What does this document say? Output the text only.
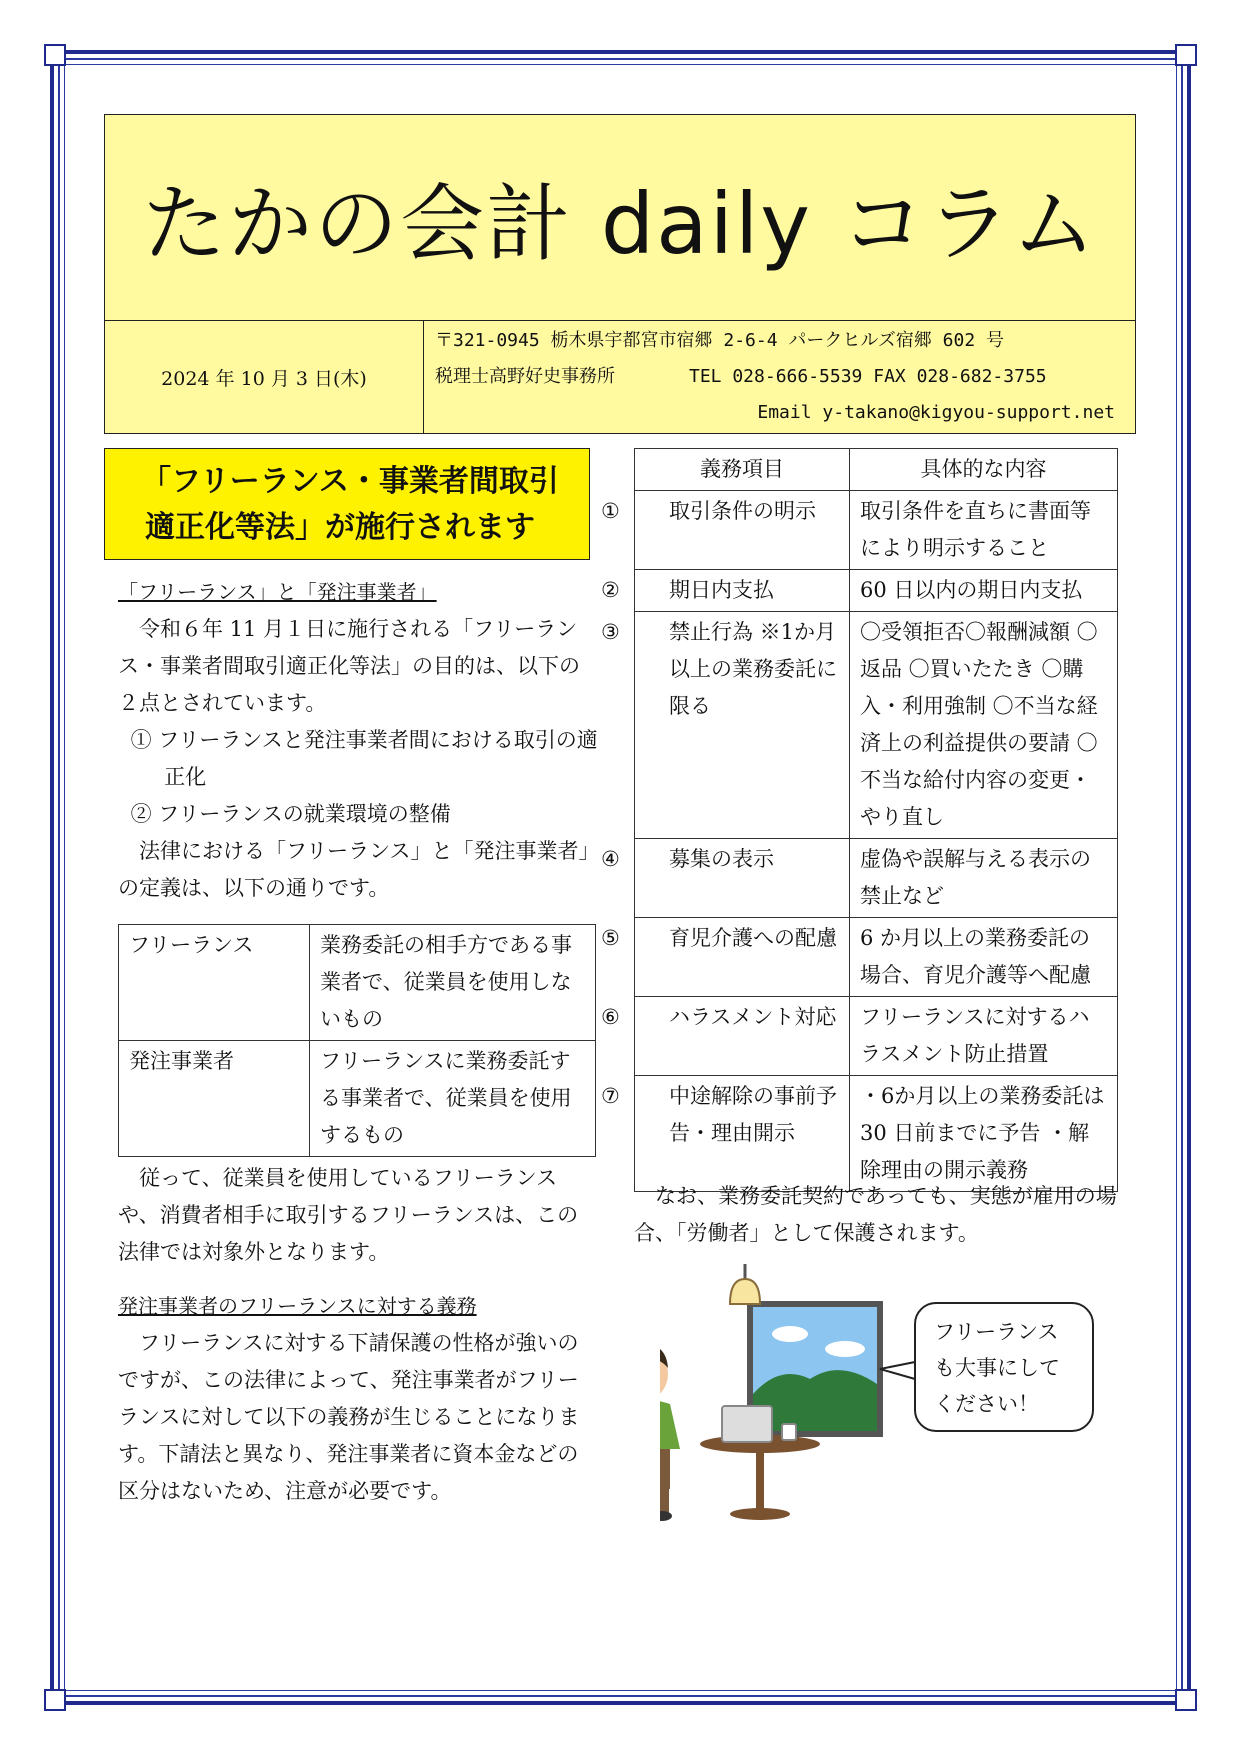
たかの会計 daily コラム
2024 年 10 月 3 日(木)
〒321-0945 栃木県宇都宮市宿郷 2-6-4 パークヒルズ宿郷 602 号
税理士高野好史事務所	TEL 028-666-5539 FAX 028-682-3755
Email y-takano@kigyou-support.net
「フリーランス・事業者間取引
適正化等法」が施行されます
「フリーランス」と「発注事業者」
令和６年 11 月１日に施行される「フリーランス・事業者間取引適正化等法」の目的は、以下の２点とされています。
① フリーランスと発注事業者間における取引の適正化
② フリーランスの就業環境の整備
法律における「フリーランス」と「発注事業者」の定義は、以下の通りです。
フリーランス	業務委託の相手方である事業者で、従業員を使用しないもの
発注事業者	フリーランスに業務委託する事業者で、従業員を使用するもの
従って、従業員を使用しているフリーランスや、消費者相手に取引するフリーランスは、この法律では対象外となります。
発注事業者のフリーランスに対する義務
フリーランスに対する下請保護の性格が強いのですが、この法律によって、発注事業者がフリーランスに対して以下の義務が生じることになります。下請法と異なり、発注事業者に資本金などの区分はないため、注意が必要です。
義務項目	具体的な内容
① 取引条件の明示	取引条件を直ちに書面等により明示すること
② 期日内支払	60 日以内の期日内支払
③ 禁止行為 ※1か月以上の業務委託に限る	〇受領拒否〇報酬減額 〇返品 〇買いたたき 〇購入・利用強制 〇不当な経済上の利益提供の要請 〇不当な給付内容の変更・やり直し
④ 募集の表示	虚偽や誤解与える表示の禁止など
⑤ 育児介護への配慮	6 か月以上の業務委託の場合、育児介護等へ配慮
⑥ ハラスメント対応	フリーランスに対するハラスメント防止措置
⑦ 中途解除の事前予告・理由開示	・6か月以上の業務委託は 30 日前までに予告 ・解除理由の開示義務
なお、業務委託契約であっても、実態が雇用の場合、「労働者」として保護されます。
フリーランス
も大事にして
ください！
